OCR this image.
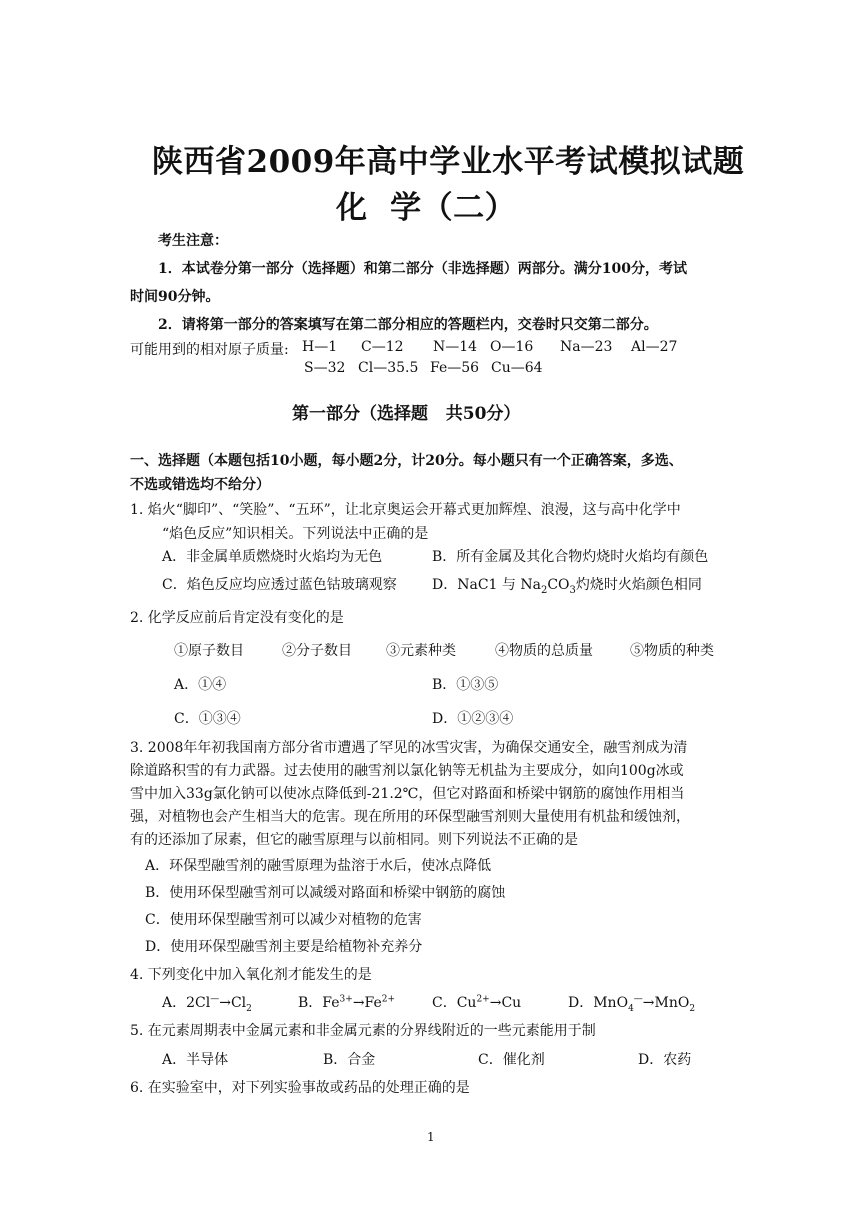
陕西省2009年高中学业水平考试模拟试题
化  学（二）
考生注意：
1．本试卷分第一部分（选择题）和第二部分（非选择题）两部分。满分100分，考试
时间90分钟。
2．请将第一部分的答案填写在第二部分相应的答题栏内，交卷时只交第二部分。
可能用到的相对原子质量: H—1 C—12 N—14 O—16 Na—23 Al—27
S—32 Cl—35.5 Fe—56 Cu—64
第一部分（选择题   共50分）
一、选择题（本题包括10小题，每小题2分，计20分。每小题只有一个正确答案，多选、
不选或错选均不给分）
1. 焰火“脚印”、“笑脸”、“五环”，让北京奥运会开幕式更加辉煌、浪漫，这与高中化学中
“焰色反应”知识相关。下列说法中正确的是
A．非金属单质燃烧时火焰均为无色	B．所有金属及其化合物灼烧时火焰均有颜色
C．焰色反应均应透过蓝色钴玻璃观察	D．NaC1 与 $Na_2CO_3$灼烧时火焰颜色相同
2. 化学反应前后肯定没有变化的是
①原子数目	②分子数目 ③元素种类	④物质的总质量	⑤物质的种类
A．①④	B．①③⑤
C．①③④	D．①②③④
3. 2008年年初我国南方部分省市遭遇了罕见的冰雪灾害，为确保交通安全，融雪剂成为清
除道路积雪的有力武器。过去使用的融雪剂以氯化钠等无机盐为主要成分，如向100g冰或
雪中加入33g氯化钠可以使冰点降低到-21.2℃，但它对路面和桥梁中钢筋的腐蚀作用相当
强，对植物也会产生相当大的危害。现在所用的环保型融雪剂则大量使用有机盐和缓蚀剂，
有的还添加了尿素，但它的融雪原理与以前相同。则下列说法不正确的是
A．环保型融雪剂的融雪原理为盐溶于水后，使冰点降低
B．使用环保型融雪剂可以减缓对路面和桥梁中钢筋的腐蚀
C．使用环保型融雪剂可以减少对植物的危害
D．使用环保型融雪剂主要是给植物补充养分
4. 下列变化中加入氧化剂才能发生的是
A．$2Cl^—\to Cl_2$	B．$Fe^{3+}\to Fe^{2+}$	C．$Cu^{2+}\to Cu$	D．MnO$_4$—→MnO$_2$
5. 在元素周期表中金属元素和非金属元素的分界线附近的一些元素能用于制
A．半导体	B．合金	C．催化剂	D．农药
6. 在实验室中，对下列实验事故或药品的处理正确的是
1
